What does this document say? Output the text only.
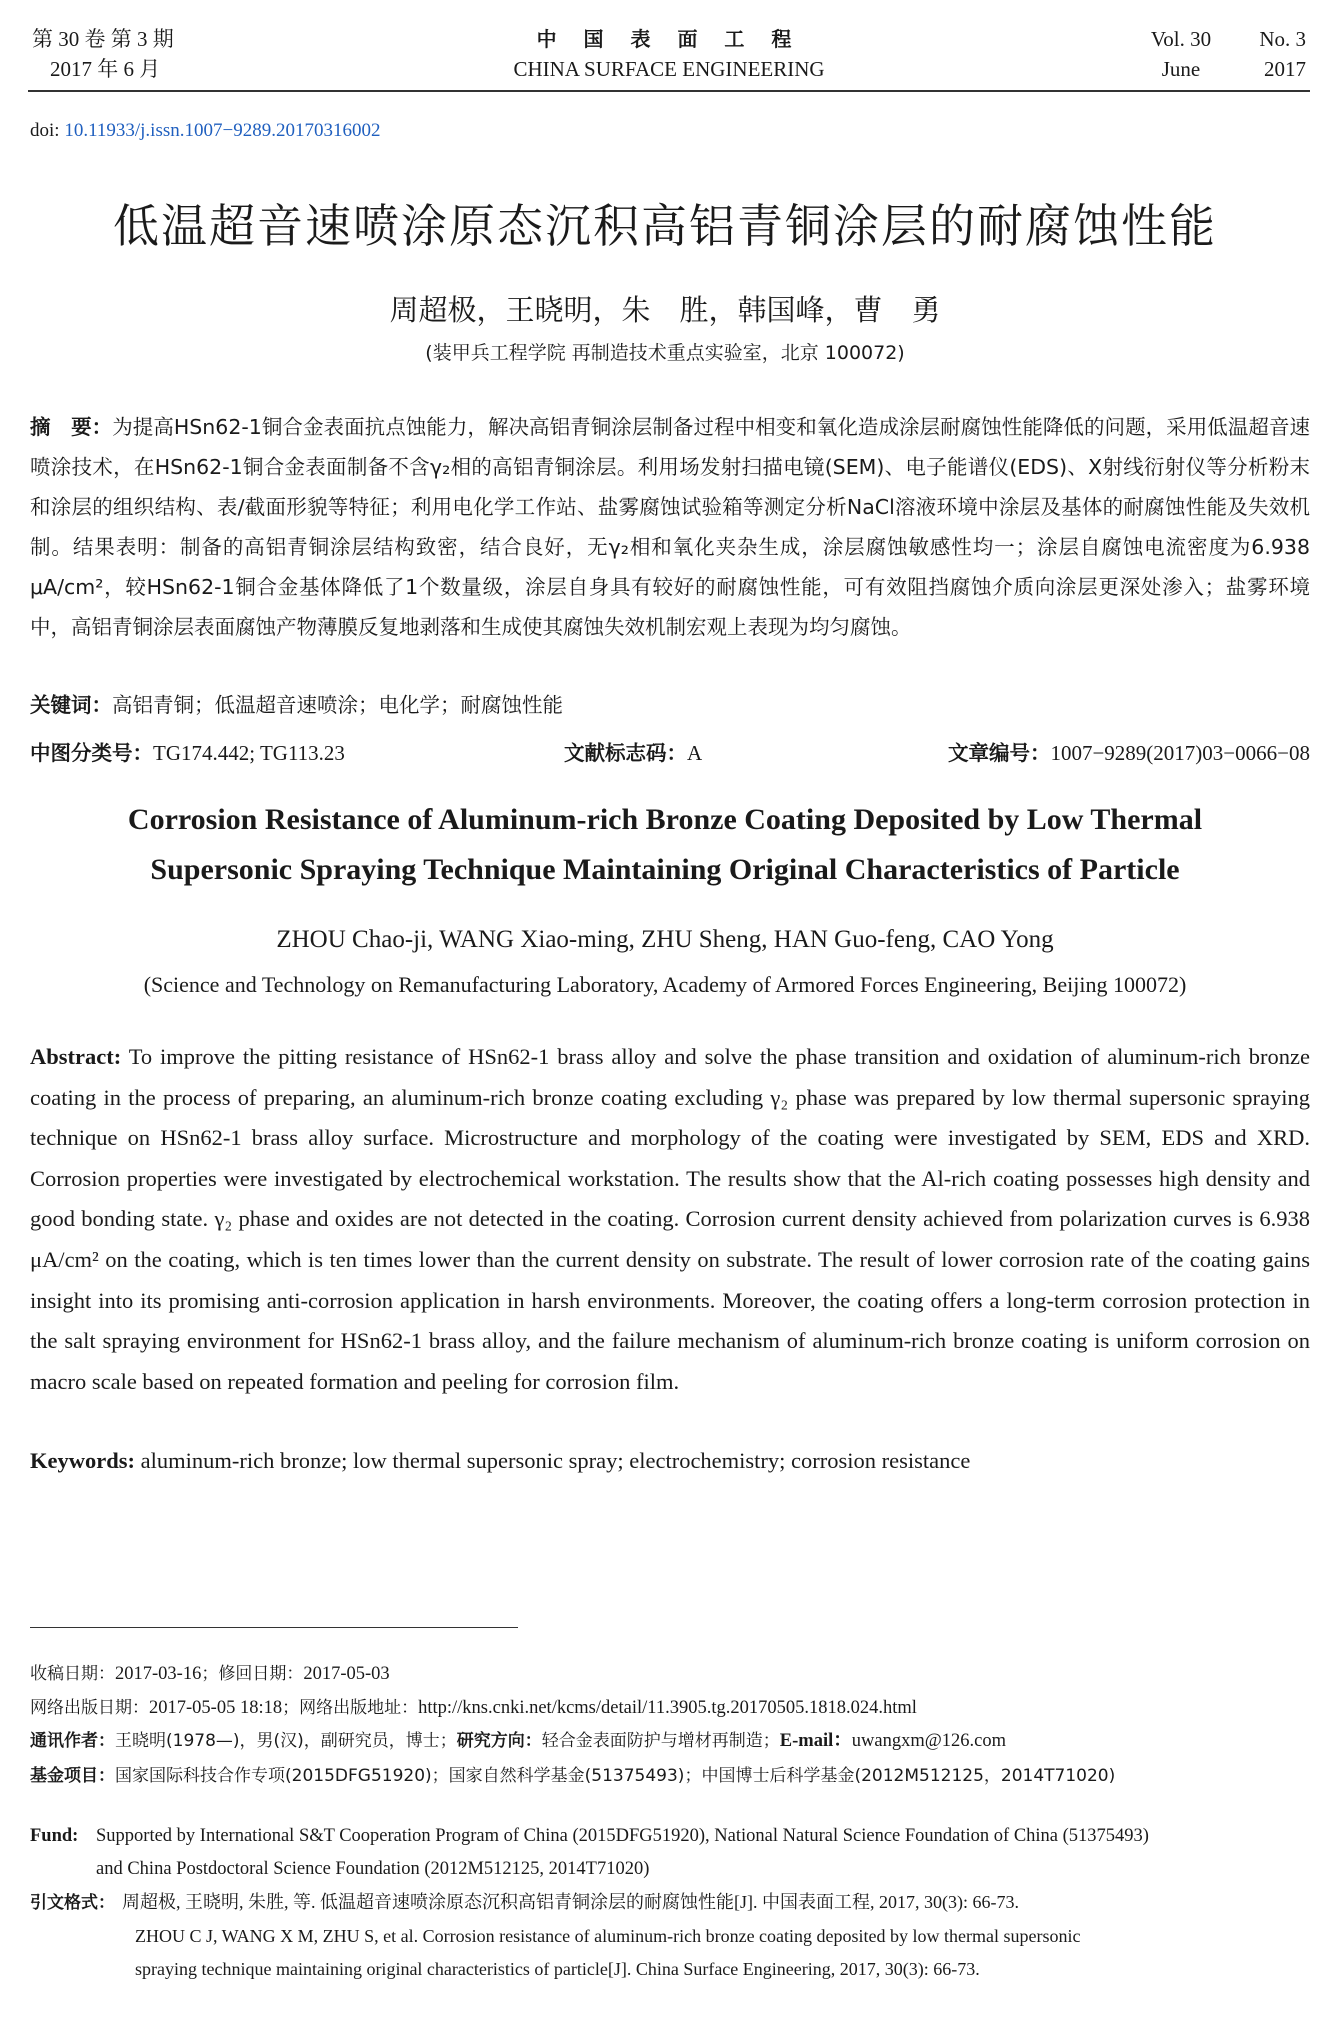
第 30 卷 第 3 期
2017 年 6 月
中 国 表 面 工 程
CHINA SURFACE ENGINEERING
Vol. 30 No. 3
June	2017
doi: 10.11933/j.issn.1007−9289.20170316002
低温超音速喷涂原态沉积高铝青铜涂层的耐腐蚀性能
周超极，王晓明，朱　胜，韩国峰，曹　勇
(装甲兵工程学院 再制造技术重点实验室，北京 100072)
摘　要：为提高HSn62-1铜合金表面抗点蚀能力，解决高铝青铜涂层制备过程中相变和氧化造成涂层耐腐蚀性能降低的问题，采用低温超音速喷涂技术，在HSn62-1铜合金表面制备不含γ₂相的高铝青铜涂层。利用场发射扫描电镜(SEM)、电子能谱仪(EDS)、X射线衍射仪等分析粉末和涂层的组织结构、表/截面形貌等特征；利用电化学工作站、盐雾腐蚀试验箱等测定分析NaCl溶液环境中涂层及基体的耐腐蚀性能及失效机制。结果表明：制备的高铝青铜涂层结构致密，结合良好，无γ₂相和氧化夹杂生成，涂层腐蚀敏感性均一；涂层自腐蚀电流密度为6.938 μA/cm²，较HSn62-1铜合金基体降低了1个数量级，涂层自身具有较好的耐腐蚀性能，可有效阻挡腐蚀介质向涂层更深处渗入；盐雾环境中，高铝青铜涂层表面腐蚀产物薄膜反复地剥落和生成使其腐蚀失效机制宏观上表现为均匀腐蚀。
关键词：高铝青铜；低温超音速喷涂；电化学；耐腐蚀性能
中图分类号：TG174.442; TG113.23	文献标志码：A	文章编号：1007−9289(2017)03−0066−08
Corrosion Resistance of Aluminum-rich Bronze Coating Deposited by Low Thermal
Supersonic Spraying Technique Maintaining Original Characteristics of Particle
ZHOU Chao-ji, WANG Xiao-ming, ZHU Sheng, HAN Guo-feng, CAO Yong
(Science and Technology on Remanufacturing Laboratory, Academy of Armored Forces Engineering, Beijing 100072)
Abstract: To improve the pitting resistance of HSn62-1 brass alloy and solve the phase transition and oxidation of aluminum-rich bronze coating in the process of preparing, an aluminum-rich bronze coating excluding γ₂ phase was prepared by low thermal supersonic spraying technique on HSn62-1 brass alloy surface. Microstructure and morphology of the coating were investigated by SEM, EDS and XRD. Corrosion properties were investigated by electrochemical workstation. The results show that the Al-rich coating possesses high density and good bonding state. γ₂ phase and oxides are not detected in the coating. Corrosion current density achieved from polarization curves is 6.938 μA/cm² on the coating, which is ten times lower than the current density on substrate. The result of lower corrosion rate of the coating gains insight into its promising anti-corrosion application in harsh environments. Moreover, the coating offers a long-term corrosion protection in the salt spraying environment for HSn62-1 brass alloy, and the failure mechanism of aluminum-rich bronze coating is uniform corrosion on macro scale based on repeated formation and peeling for corrosion film.
Keywords: aluminum-rich bronze; low thermal supersonic spray; electrochemistry; corrosion resistance
收稿日期：2017-03-16；修回日期：2017-05-03
网络出版日期：2017-05-05 18:18；网络出版地址：http://kns.cnki.net/kcms/detail/11.3905.tg.20170505.1818.024.html
通讯作者：王晓明(1978—)，男(汉)，副研究员，博士；研究方向：轻合金表面防护与增材再制造；E-mail：uwangxm@126.com
基金项目：国家国际科技合作专项(2015DFG51920)；国家自然科学基金(51375493)；中国博士后科学基金(2012M512125，2014T71020)
Fund: Supported by International S&T Cooperation Program of China (2015DFG51920), National Natural Science Foundation of China (51375493)
and China Postdoctoral Science Foundation (2012M512125, 2014T71020)
引文格式： 周超极, 王晓明, 朱胜, 等. 低温超音速喷涂原态沉积高铝青铜涂层的耐腐蚀性能[J]. 中国表面工程, 2017, 30(3): 66-73.
ZHOU C J, WANG X M, ZHU S, et al. Corrosion resistance of aluminum-rich bronze coating deposited by low thermal supersonic
spraying technique maintaining original characteristics of particle[J]. China Surface Engineering, 2017, 30(3): 66-73.
